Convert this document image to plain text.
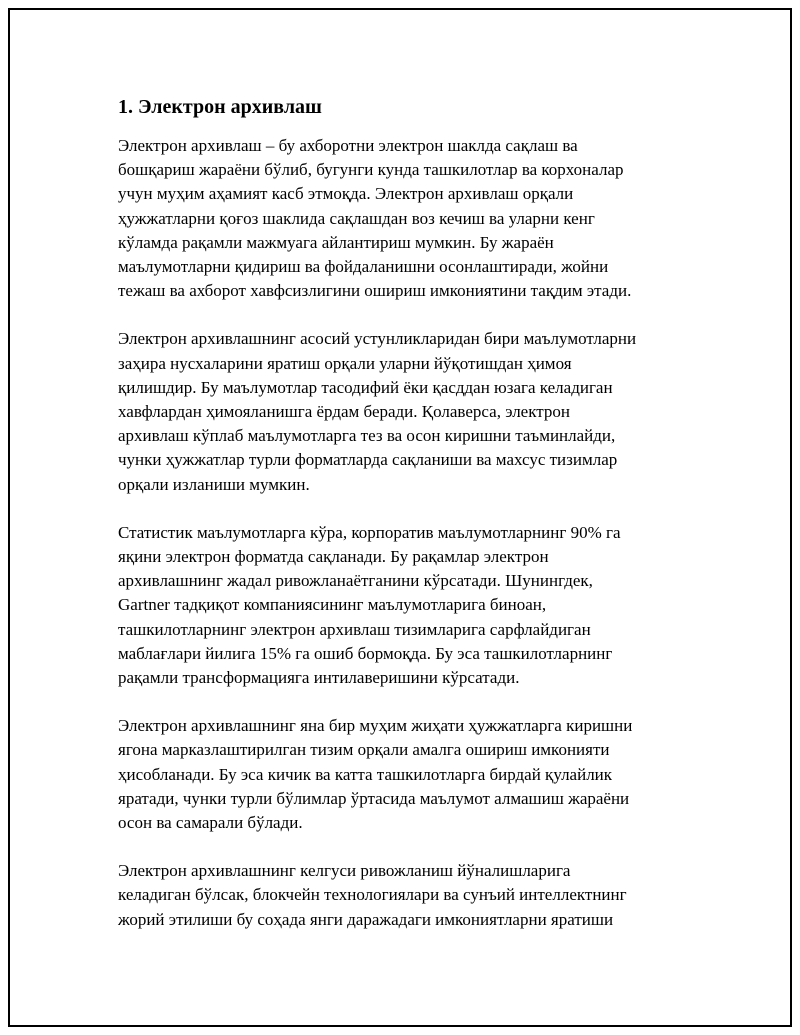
1. Электрон архивлаш

Электрон архивлаш – бу ахборотни электрон шаклда сақлаш ва
бошқариш жараёни бўлиб, бугунги кунда ташкилотлар ва корхоналар
учун муҳим аҳамият касб этмоқда. Электрон архивлаш орқали
ҳужжатларни қоғоз шаклида сақлашдан воз кечиш ва уларни кенг
кўламда рақамли мажмуага айлантириш мумкин. Бу жараён
маълумотларни қидириш ва фойдаланишни осонлаштиради, жойни
тежаш ва ахборот хавфсизлигини ошириш имкониятини тақдим этади.

Электрон архивлашнинг асосий устунликларидан бири маълумотларни
заҳира нусхаларини яратиш орқали уларни йўқотишдан ҳимоя
қилишдир. Бу маълумотлар тасодифий ёки қасддан юзага келадиган
хавфлардан ҳимояланишга ёрдам беради. Қолаверса, электрон
архивлаш кўплаб маълумотларга тез ва осон киришни таъминлайди,
чунки ҳужжатлар турли форматларда сақланиши ва махсус тизимлар
орқали изланиши мумкин.

Статистик маълумотларга кўра, корпоратив маълумотларнинг 90% га
яқини электрон форматда сақланади. Бу рақамлар электрон
архивлашнинг жадал ривожланаётганини кўрсатади. Шунингдек,
Gartner тадқиқот компаниясининг маълумотларига биноан,
ташкилотларнинг электрон архивлаш тизимларига сарфлайдиган
маблағлари йилига 15% га ошиб бормоқда. Бу эса ташкилотларнинг
рақамли трансформацияга интилаверишини кўрсатади.

Электрон архивлашнинг яна бир муҳим жиҳати ҳужжатларга киришни
ягона марказлаштирилган тизим орқали амалга ошириш имконияти
ҳисобланади. Бу эса кичик ва катта ташкилотларга бирдай қулайлик
яратади, чунки турли бўлимлар ўртасида маълумот алмашиш жараёни
осон ва самарали бўлади.

Электрон архивлашнинг келгуси ривожланиш йўналишларига
келадиган бўлсак, блокчейн технологиялари ва сунъий интеллектнинг
жорий этилиши бу соҳада янги даражадаги имкониятларни яратиши
